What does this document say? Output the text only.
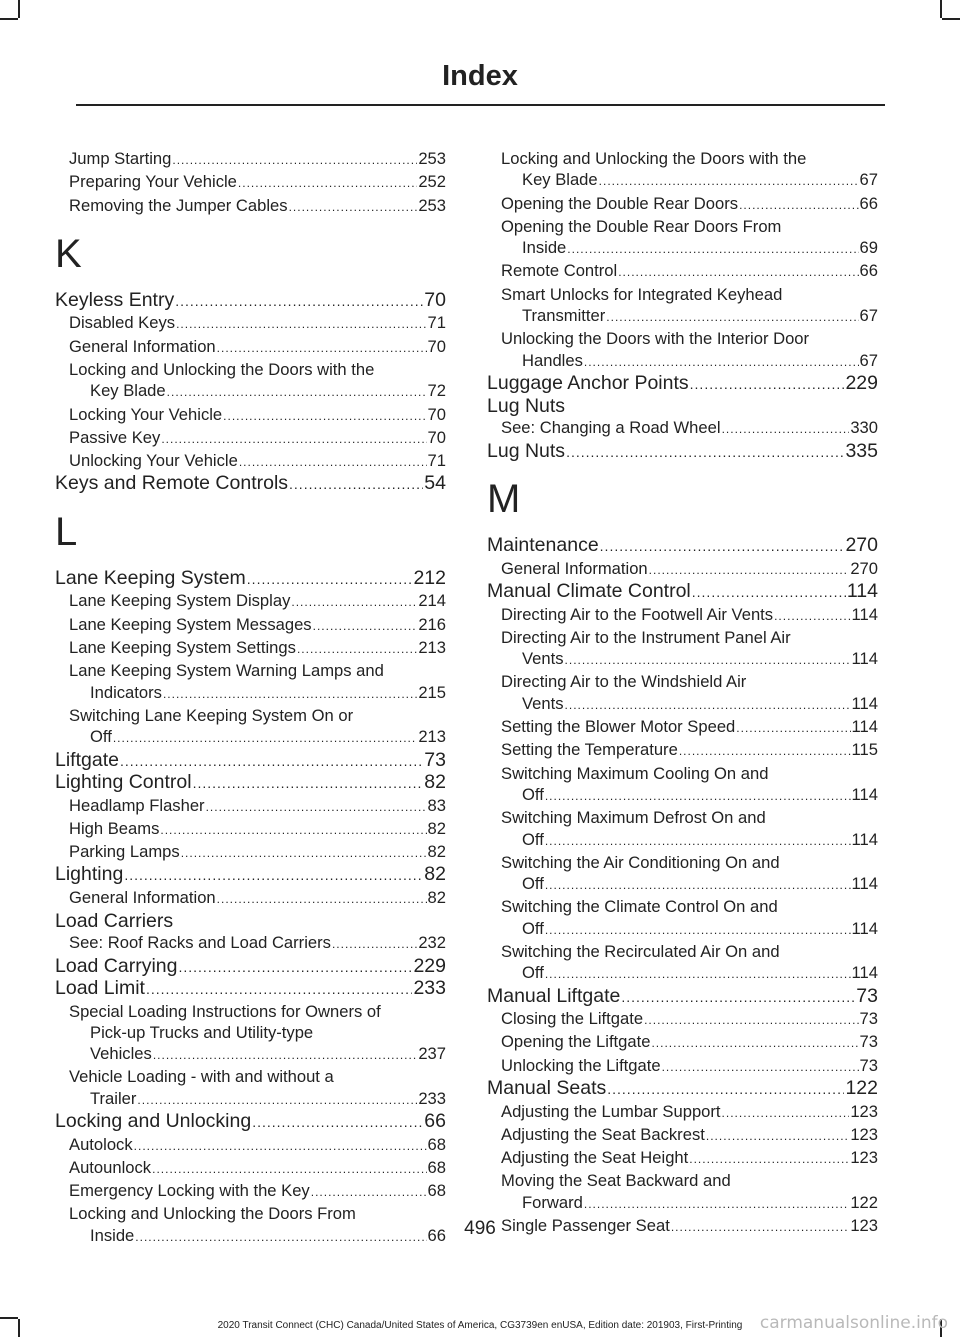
Index
Jump Starting .....	253
Preparing Your Vehicle .....	252
Removing the Jumper Cables .....	253
K
Keyless Entry .....	70
Disabled Keys .....	71
General Information .....	70
Locking and Unlocking the Doors with the
Key Blade .....	72
Locking Your Vehicle .....	70
Passive Key .....	70
Unlocking Your Vehicle .....	71
Keys and Remote Controls .....	54
L
Lane Keeping System .....	212
Lane Keeping System Display .....	214
Lane Keeping System Messages .....	216
Lane Keeping System Settings .....	213
Lane Keeping System Warning Lamps and
Indicators .....	215
Switching Lane Keeping System On or
Off .....	213
Liftgate .....	73
Lighting Control .....	82
Headlamp Flasher .....	83
High Beams .....	82
Parking Lamps .....	82
Lighting .....	82
General Information .....	82
Load Carriers
See: Roof Racks and Load Carriers .....	232
Load Carrying .....	229
Load Limit .....	233
Special Loading Instructions for Owners of
Pick-up Trucks and Utility-type
Vehicles .....	237
Vehicle Loading - with and without a
Trailer .....	233
Locking and Unlocking .....	66
Autolock .....	68
Autounlock .....	68
Emergency Locking with the Key .....	68
Locking and Unlocking the Doors From
Inside .....	66
Locking and Unlocking the Doors with the
Key Blade .....	67
Opening the Double Rear Doors .....	66
Opening the Double Rear Doors From
Inside .....	69
Remote Control .....	66
Smart Unlocks for Integrated Keyhead
Transmitter .....	67
Unlocking the Doors with the Interior Door
Handles .....	67
Luggage Anchor Points .....	229
Lug Nuts
See: Changing a Road Wheel .....	330
Lug Nuts .....	335
M
Maintenance .....	270
General Information .....	270
Manual Climate Control .....	114
Directing Air to the Footwell Air Vents .....	114
Directing Air to the Instrument Panel Air
Vents .....	114
Directing Air to the Windshield Air
Vents .....	114
Setting the Blower Motor Speed .....	114
Setting the Temperature .....	115
Switching Maximum Cooling On and
Off .....	114
Switching Maximum Defrost On and
Off .....	114
Switching the Air Conditioning On and
Off .....	114
Switching the Climate Control On and
Off .....	114
Switching the Recirculated Air On and
Off .....	114
Manual Liftgate .....	73
Closing the Liftgate .....	73
Opening the Liftgate .....	73
Unlocking the Liftgate .....	73
Manual Seats .....	122
Adjusting the Lumbar Support .....	123
Adjusting the Seat Backrest .....	123
Adjusting the Seat Height .....	123
Moving the Seat Backward and
Forward .....	122
Single Passenger Seat .....	123
496
2020 Transit Connect (CHC) Canada/United States of America, CG3739en enUSA, Edition date: 201903, First-Printing	carmanualsonline.info
